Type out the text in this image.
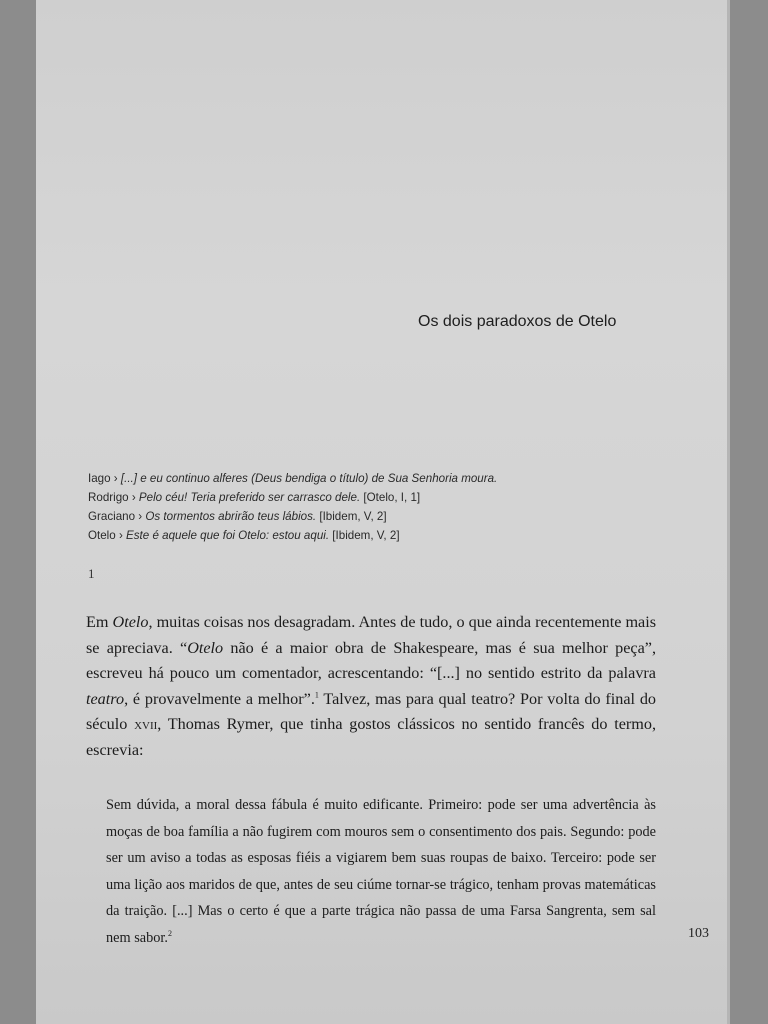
Os dois paradoxos de Otelo
Iago › [...] e eu continuo alferes (Deus bendiga o título) de Sua Senhoria moura.
Rodrigo › Pelo céu! Teria preferido ser carrasco dele. [Otelo, I, 1]
Graciano › Os tormentos abrirão teus lábios. [Ibidem, V, 2]
Otelo › Este é aquele que foi Otelo: estou aqui. [Ibidem, V, 2]
1

Em Otelo, muitas coisas nos desagradam. Antes de tudo, o que ainda recentemente mais se apreciava. “Otelo não é a maior obra de Shakespeare, mas é sua melhor peça”, escreveu há pouco um comentador, acrescentando: “[...] no sentido estrito da palavra teatro, é provavelmente a melhor”.$^1$ Talvez, mas para qual teatro? Por volta do final do século xvii, Thomas Rymer, que tinha gostos clássicos no sentido francês do termo, escrevia:

Sem dúvida, a moral dessa fábula é muito edificante. Primeiro: pode ser uma advertência às moças de boa família a não fugirem com mouros sem o consentimento dos pais. Segundo: pode ser um aviso a todas as esposas fiéis a vigiarem bem suas roupas de baixo. Terceiro: pode ser uma lição aos maridos de que, antes de seu ciúme tornar-se trágico, tenham provas matemáticas da traição. [...] Mas o certo é que a parte trágica não passa de uma Farsa Sangrenta, sem sal nem sabor.$^2$	103
